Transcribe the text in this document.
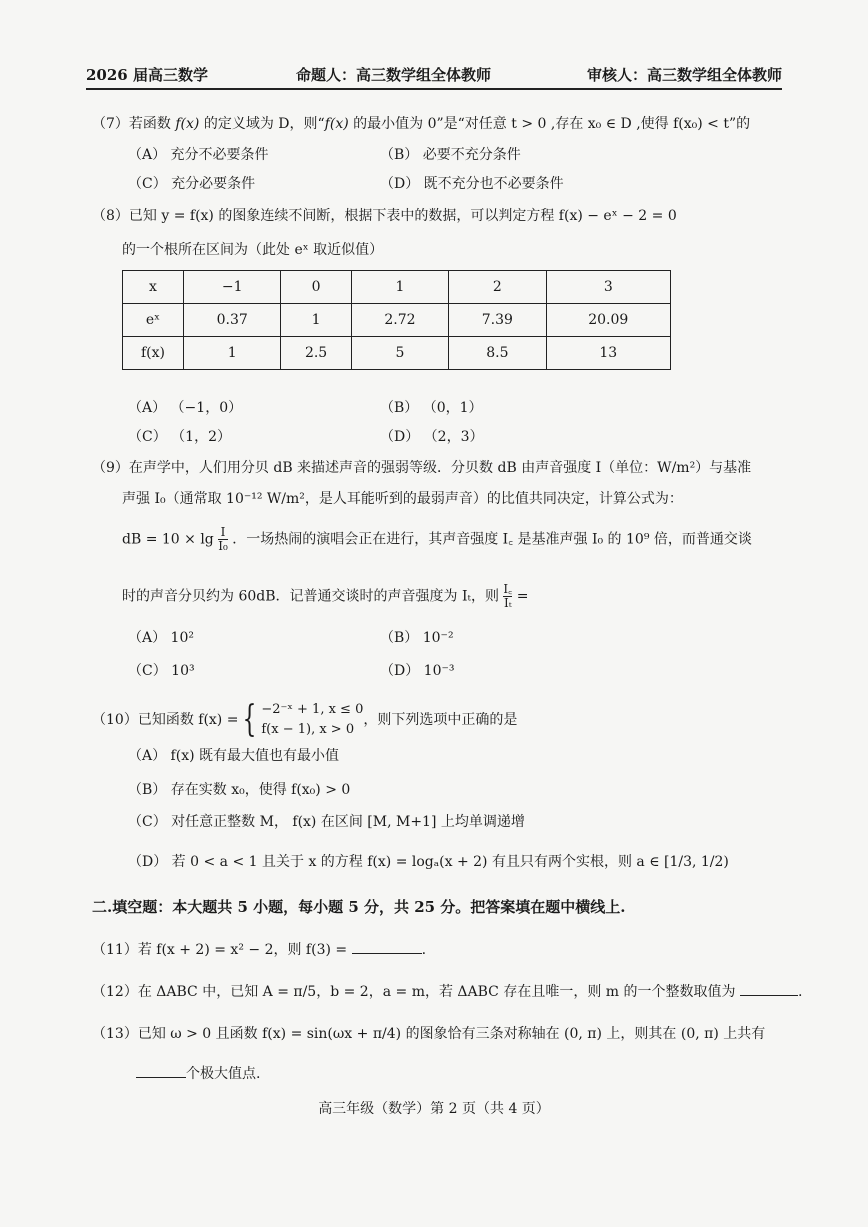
2026 届高三数学	命题人：高三数学组全体教师	审核人：高三数学组全体教师
（7）若函数 f(x) 的定义域为 D，则“f(x) 的最小值为 0”是“对任意 t > 0 ,存在 x₀ ∈ D ,使得 f(x₀) < t”的
（A） 充分不必要条件	（B） 必要不充分条件
（C） 充分必要条件	（D） 既不充分也不必要条件
（8）已知 y = f(x) 的图象连续不间断，根据下表中的数据，可以判定方程 f(x) − eˣ − 2 = 0
的一个根所在区间为（此处 eˣ 取近似值）
x	−1	0	1	2	3
eˣ	0.37	1	2.72	7.39	20.09
f(x)	1	2.5	5	8.5	13
（A） （−1，0）	（B） （0，1）
（C） （1，2）	（D） （2，3）
（9）在声学中，人们用分贝 dB 来描述声音的强弱等级．分贝数 dB 由声音强度 I（单位：W/m²）与基准
声强 I₀（通常取 10⁻¹² W/m²，是人耳能听到的最弱声音）的比值共同决定，计算公式为：
dB = $10 \times \lg \frac{I}{\text{I₀}}$ ．一场热闹的演唱会正在进行，其声音强度 I꜀ 是基准声强 I₀ 的 10⁹ 倍，而普通交谈
时的声音分贝约为 60dB．记普通交谈时的声音强度为 Iₜ，则 $\frac{I꜀}{\text{Iₜ}}$ =
（A） 10²	（B） 10⁻²
（C） 10³	（D） 10⁻³
（10）已知函数 f(x) = { −2⁻ˣ + 1, x ≤ 0
f(x − 1), x > 0
，则下列选项中正确的是
（A） f(x) 既有最大值也有最小值
（B） 存在实数 x₀，使得 f(x₀) > 0
（C） 对任意正整数 M， f(x) 在区间 [M, M+1] 上均单调递增
（D） 若 0 < a < 1 且关于 x 的方程 f(x) = logₐ(x + 2) 有且只有两个实根，则 a ∈ [1/3, 1/2)
二.填空题：本大题共 5 小题，每小题 5 分，共 25 分。把答案填在题中横线上.
（11）若 f(x + 2) = x² − 2，则 f(3) =	.
（12）在 ΔABC 中，已知 A = π/5，b = 2，a = m，若 ΔABC 存在且唯一，则 m 的一个整数取值为	.
（13）已知 ω > 0 且函数 f(x) = sin(ωx + π/4) 的图象恰有三条对称轴在 (0, π) 上，则其在 (0, π) 上共有
个极大值点.
高三年级（数学）第 2 页（共 4 页）
